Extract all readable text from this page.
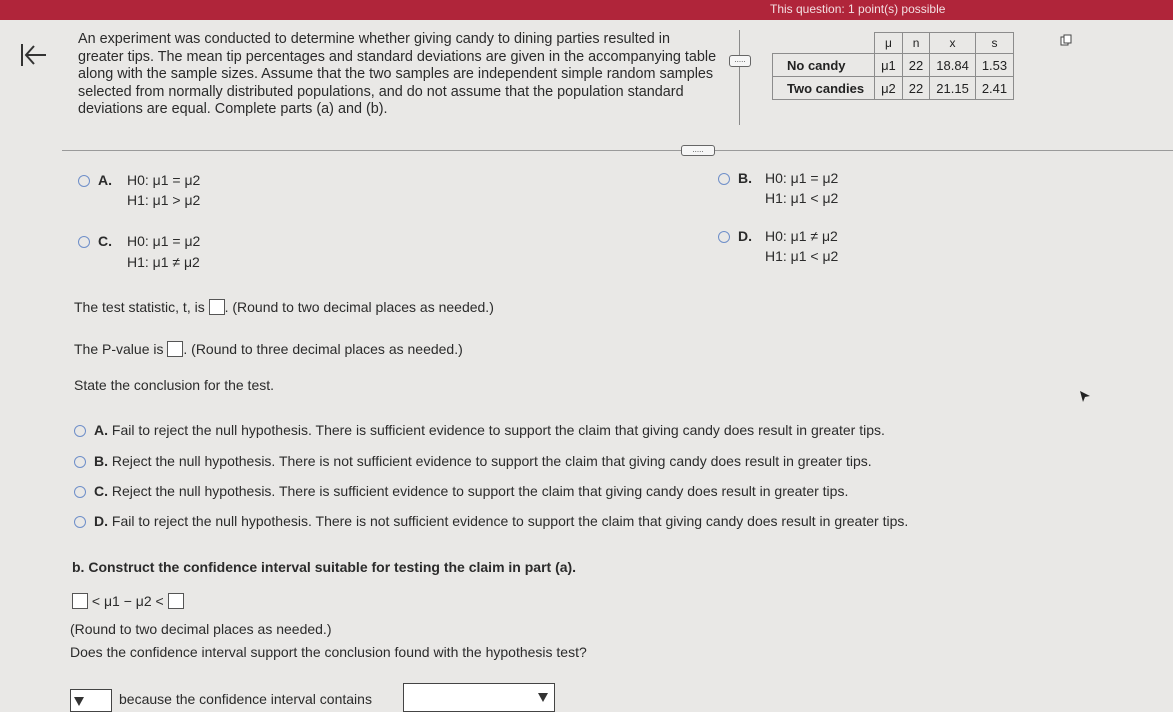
This question: 1 point(s) possible
An experiment was conducted to determine whether giving candy to dining parties resulted in greater tips. The mean tip percentages and standard deviations are given in the accompanying table along with the sample sizes. Assume that the two samples are independent simple random samples selected from normally distributed populations, and do not assume that the population standard deviations are equal. Complete parts (a) and (b).
.....
	μ	n	x	s
No candy	μ1	22	18.84	1.53
Two candies	μ2	22	21.15	2.41
.....
A. H0: μ1 = μ2
H1: μ1 > μ2
B. H0: μ1 = μ2
H1: μ1 < μ2
C. H0: μ1 = μ2
H1: μ1 ≠ μ2
D. H0: μ1 ≠ μ2
H1: μ1 < μ2
The test statistic, t, is . (Round to two decimal places as needed.)
The P-value is . (Round to three decimal places as needed.)
State the conclusion for the test.
A. Fail to reject the null hypothesis. There is sufficient evidence to support the claim that giving candy does result in greater tips.
B. Reject the null hypothesis. There is not sufficient evidence to support the claim that giving candy does result in greater tips.
C. Reject the null hypothesis. There is sufficient evidence to support the claim that giving candy does result in greater tips.
D. Fail to reject the null hypothesis. There is not sufficient evidence to support the claim that giving candy does result in greater tips.
b. Construct the confidence interval suitable for testing the claim in part (a).
< μ1 − μ2 <
(Round to two decimal places as needed.)
Does the confidence interval support the conclusion found with the hypothesis test?
because the confidence interval contains
